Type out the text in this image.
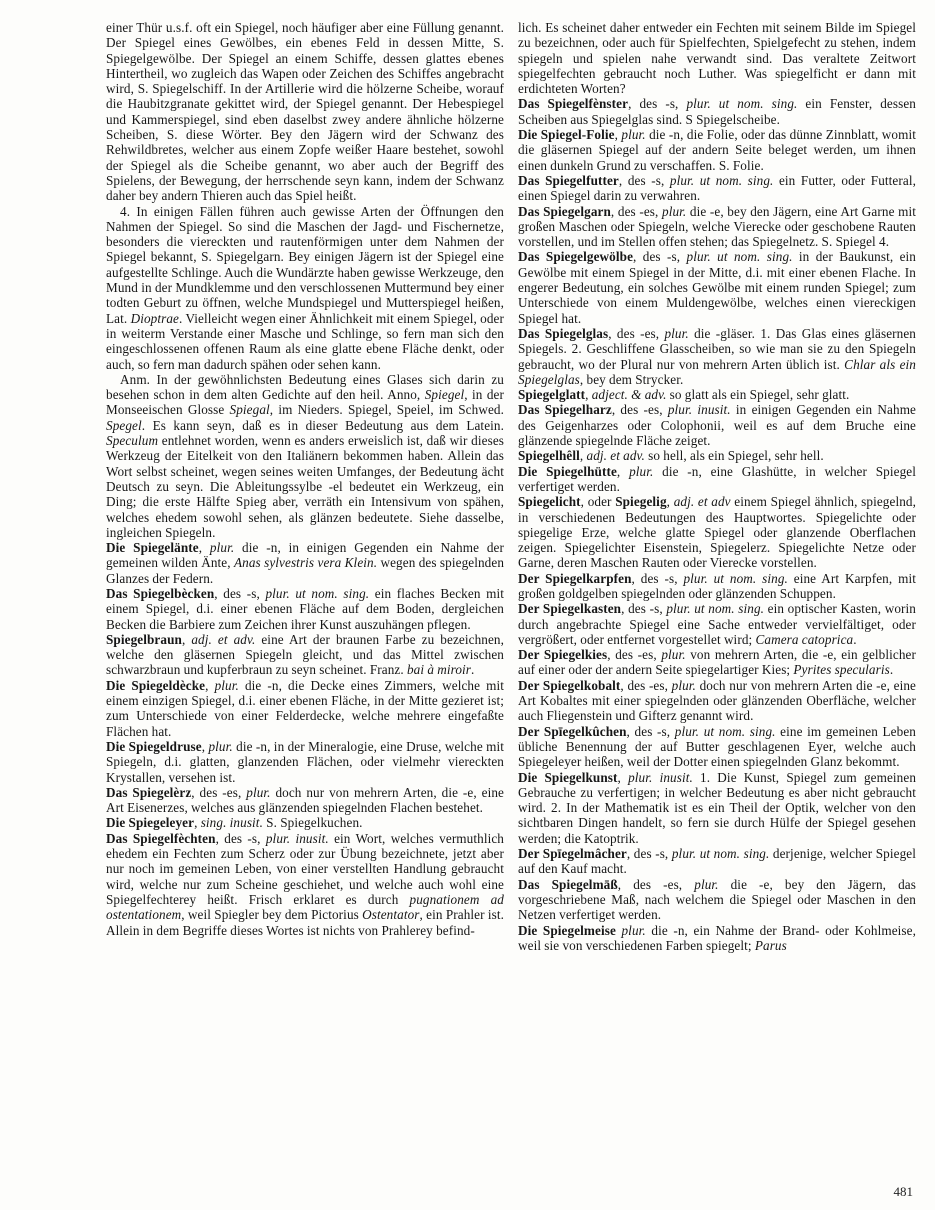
einer Thür u.s.f. oft ein Spiegel, noch häufiger aber eine Füllung genannt. Der Spiegel eines Gewölbes, ein ebenes Feld in dessen Mitte, S. Spiegelgewölbe. Der Spiegel an einem Schiffe, dessen glattes ebenes Hintertheil, wo zugleich das Wapen oder Zeichen des Schiffes angebracht wird, S. Spiegelschiff. In der Artillerie wird die hölzerne Scheibe, worauf die Haubitzgranate gekittet wird, der Spiegel genannt. Der Hebespiegel und Kammerspiegel, sind eben daselbst zwey andere ähnliche hölzerne Scheiben, S. diese Wörter. Bey den Jägern wird der Schwanz des Rehwildbretes, welcher aus einem Zopfe weißer Haare bestehet, sowohl der Spiegel als die Scheibe genannt, wo aber auch der Begriff des Spielens, der Bewegung, der herrschende seyn kann, indem der Schwanz daher bey andern Thieren auch das Spiel heißt.

4. In einigen Fällen führen auch gewisse Arten der Öffnungen den Nahmen der Spiegel. So sind die Maschen der Jagd- und Fischernetze, besonders die viereckten und rautenförmigen unter dem Nahmen der Spiegel bekannt, S. Spiegelgarn. Bey einigen Jägern ist der Spiegel eine aufgestellte Schlinge. Auch die Wundärzte haben gewisse Werkzeuge, den Mund in der Mundklemme und den verschlossenen Muttermund bey einer todten Geburt zu öffnen, welche Mundspiegel und Mutterspiegel heißen, Lat. Dioptrae. Vielleicht wegen einer Ähnlichkeit mit einem Spiegel, oder in weiterm Verstande einer Masche und Schlinge, so fern man sich den eingeschlossenen offenen Raum als eine glatte ebene Fläche denkt, oder auch, so fern man dadurch spähen oder sehen kann.

Anm. In der gewöhnlichsten Bedeutung eines Glases sich darin zu besehen schon in dem alten Gedichte auf den heil. Anno, Spiegel, in der Monseeischen Glosse Spiegal, im Nieders. Spiegel, Speiel, im Schwed. Spegel. Es kann seyn, daß es in dieser Bedeutung aus dem Latein. Speculum entlehnet worden, wenn es anders erweislich ist, daß wir dieses Werkzeug der Eitelkeit von den Italiänern bekommen haben. Allein das Wort selbst scheinet, wegen seines weiten Umfanges, der Bedeutung ächt Deutsch zu seyn. Die Ableitungssylbe -el bedeutet ein Werkzeug, ein Ding; die erste Hälfte Spieg aber, verräth ein Intensivum von spähen, welches ehedem sowohl sehen, als glänzen bedeutete. Siehe dasselbe, ingleichen Spiegeln.

Die Spiegelänte, plur. die -n, in einigen Gegenden ein Nahme der gemeinen wilden Änte, Anas sylvestris vera Klein. wegen des spiegelnden Glanzes der Federn.

Das Spiegelbècken, des -s, plur. ut nom. sing. ein flaches Becken mit einem Spiegel, d.i. einer ebenen Fläche auf dem Boden, dergleichen Becken die Barbiere zum Zeichen ihrer Kunst auszuhängen pflegen.

Spiegelbraun, adj. et adv. eine Art der braunen Farbe zu bezeichnen, welche den gläsernen Spiegeln gleicht, und das Mittel zwischen schwarzbraun und kupferbraun zu seyn scheinet. Franz. bai à miroir.

Die Spiegeldècke, plur. die -n, die Decke eines Zimmers, welche mit einem einzigen Spiegel, d.i. einer ebenen Fläche, in der Mitte gezieret ist; zum Unterschiede von einer Felderdecke, welche mehrere eingefaßte Flächen hat.

Die Spiegeldruse, plur. die -n, in der Mineralogie, eine Druse, welche mit Spiegeln, d.i. glatten, glanzenden Flächen, oder vielmehr viereckten Krystallen, versehen ist.

Das Spiegelèrz, des -es, plur. doch nur von mehrern Arten, die -e, eine Art Eisenerzes, welches aus glänzenden spiegelnden Flachen bestehet.

Die Spiegeleyer, sing. inusit. S. Spiegelkuchen.

Das Spiegelfèchten, des -s, plur. inusit. ein Wort, welches vermuthlich ehedem ein Fechten zum Scherz oder zur Übung bezeichnete, jetzt aber nur noch im gemeinen Leben, von einer verstellten Handlung gebraucht wird, welche nur zum Scheine geschiehet, und welche auch wohl eine Spiegelfechterey heißt. Frisch erklaret es durch pugnationem ad ostentationem, weil Spiegler bey dem Pictorius Ostentator, ein Prahler ist. Allein in dem Begriffe dieses Wortes ist nichts von Prahlerey befind-

lich. Es scheinet daher entweder ein Fechten mit seinem Bilde im Spiegel zu bezeichnen, oder auch für Spielfechten, Spielgefecht zu stehen, indem spiegeln und spielen nahe verwandt sind. Das veraltete Zeitwort spiegelfechten gebraucht noch Luther. Was spiegelficht er dann mit erdichteten Worten?

Das Spiegelfènster, des -s, plur. ut nom. sing. ein Fenster, dessen Scheiben aus Spiegelglas sind. S Spiegelscheibe.

Die Spiegel-Folie, plur. die -n, die Folie, oder das dünne Zinnblatt, womit die gläsernen Spiegel auf der andern Seite beleget werden, um ihnen einen dunkeln Grund zu verschaffen. S. Folie.

Das Spiegelfutter, des -s, plur. ut nom. sing. ein Futter, oder Futteral, einen Spiegel darin zu verwahren.

Das Spiegelgarn, des -es, plur. die -e, bey den Jägern, eine Art Garne mit großen Maschen oder Spiegeln, welche Vierecke oder geschobene Rauten vorstellen, und im Stellen offen stehen; das Spiegelnetz. S. Spiegel 4.

Das Spiegelgewölbe, des -s, plur. ut nom. sing. in der Baukunst, ein Gewölbe mit einem Spiegel in der Mitte, d.i. mit einer ebenen Flache. In engerer Bedeutung, ein solches Gewölbe mit einem runden Spiegel; zum Unterschiede von einem Muldengewölbe, welches einen viereckigen Spiegel hat.

Das Spiegelglas, des -es, plur. die -gläser. 1. Das Glas eines gläsernen Spiegels. 2. Geschliffene Glasscheiben, so wie man sie zu den Spiegeln gebraucht, wo der Plural nur von mehrern Arten üblich ist. Chlar als ein Spiegelglas, bey dem Strycker.

Spiegelglatt, adject. & adv. so glatt als ein Spiegel, sehr glatt.

Das Spiegelharz, des -es, plur. inusit. in einigen Gegenden ein Nahme des Geigenharzes oder Colophonii, weil es auf dem Bruche eine glänzende spiegelnde Fläche zeiget.

Spiegelhêll, adj. et adv. so hell, als ein Spiegel, sehr hell.

Die Spiegelhütte, plur. die -n, eine Glashütte, in welcher Spiegel verfertiget werden.

Spiegelicht, oder Spiegelig, adj. et adv einem Spiegel ähnlich, spiegelnd, in verschiedenen Bedeutungen des Hauptwortes. Spiegelichte oder spiegelige Erze, welche glatte Spiegel oder glanzende Oberflachen zeigen. Spiegelichter Eisenstein, Spiegelerz. Spiegelichte Netze oder Garne, deren Maschen Rauten oder Vierecke vorstellen.

Der Spiegelkarpfen, des -s, plur. ut nom. sing. eine Art Karpfen, mit großen goldgelben spiegelnden oder glänzenden Schuppen.

Der Spiegelkasten, des -s, plur. ut nom. sing. ein optischer Kasten, worin durch angebrachte Spiegel eine Sache entweder vervielfältiget, oder vergrößert, oder entfernet vorgestellet wird; Camera catoprica.

Der Spiegelkies, des -es, plur. von mehrern Arten, die -e, ein gelblicher auf einer oder der andern Seite spiegelartiger Kies; Pyrites specularis.

Der Spiegelkobalt, des -es, plur. doch nur von mehrern Arten die -e, eine Art Kobaltes mit einer spiegelnden oder glänzenden Oberfläche, welcher auch Fliegenstein und Gifterz genannt wird.

Der Spīegelkûchen, des -s, plur. ut nom. sing. eine im gemeinen Leben übliche Benennung der auf Butter geschlagenen Eyer, welche auch Spiegeleyer heißen, weil der Dotter einen spiegelnden Glanz bekommt.

Die Spiegelkunst, plur. inusit. 1. Die Kunst, Spiegel zum gemeinen Gebrauche zu verfertigen; in welcher Bedeutung es aber nicht gebraucht wird. 2. In der Mathematik ist es ein Theil der Optik, welcher von den sichtbaren Dingen handelt, so fern sie durch Hülfe der Spiegel gesehen werden; die Katoptrik.

Der Spīegelmâcher, des -s, plur. ut nom. sing. derjenige, welcher Spiegel auf den Kauf macht.

Das Spiegelmāß, des -es, plur. die -e, bey den Jägern, das vorgeschriebene Maß, nach welchem die Spiegel oder Maschen in den Netzen verfertiget werden.

Die Spiegelmeise plur. die -n, ein Nahme der Brand- oder Kohlmeise, weil sie von verschiedenen Farben spiegelt; Parus

481
